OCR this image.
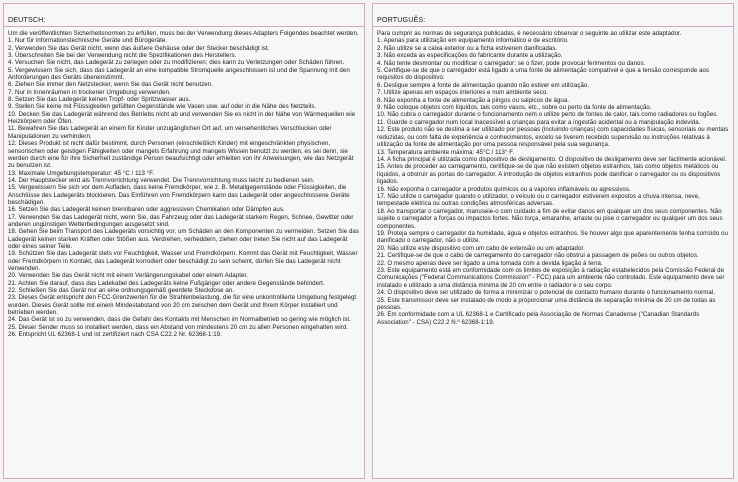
DEUTSCH:
Um die veröffentlichten Sicherheitsnormen zu erfüllen, muss bei der Verwendung dieses Adapters Folgendes beachtet werden.
1. Nur für informationstechnische Geräte und Bürogeräte.
2. Verwenden Sie das Gerät nicht, wenn das äußere Gehäuse oder der Stecker beschädigt ist.
3. Überschreiten Sie bei der Verwendung nicht die Spezifikationen des Herstellers.
4. Versuchen Sie nicht, das Ladegerät zu zerlegen oder zu modifizieren; dies kann zu Verletzungen oder Schäden führen.
5. Vergewissern Sie sich, dass das Ladegerät an eine kompatible Stromquelle angeschlossen ist und die Spannung mit den Anforderungen des Geräts übereinstimmt.
6. Ziehen Sie immer den Netzstecker, wenn Sie das Gerät nicht benutzen.
7. Nur in Innenräumen in trockener Umgebung verwenden.
8. Setzen Sie das Ladegerät keinen Tropf- oder Spritzwasser aus.
9. Stellen Sie keine mit Flüssigkeiten gefüllten Gegenstände wie Vasen usw. auf oder in die Nähe des Netzteils.
10. Decken Sie das Ladegerät während des Betriebs nicht ab und verwenden Sie es nicht in der Nähe von Wärmequellen wie Heizkörpern oder Öfen.
11. Bewahren Sie das Ladegerät an einem für Kinder unzugänglichen Ort auf, um versehentliches Verschlucken oder Manipulationen zu verhindern.
12. Dieses Produkt ist nicht dafür bestimmt, durch Personen (einschließlich Kinder) mit eingeschränkten physischen, sensorischen oder geistigen Fähigkeiten oder mangels Erfahrung und mangels Wissen benutzt zu werden, es sei denn, sie werden durch eine für ihre Sicherheit zuständige Person beaufsichtigt oder erhielten von ihr Anweisungen, wie das Netzgerät zu benutzen ist.
13. Maximale Umgebungstemperatur: 45 °C / 113 °F.
14. Der Hauptstecker wird als Trennvorrichtung verwendet. Die Trennvorrichtung muss leicht zu bedienen sein.
15. Vergewissern Sie sich vor dem Aufladen, dass keine Fremdkörper, wie z. B. Metallgegenstände oder Flüssigkeiten, die Anschlüsse des Ladegeräts blockieren. Das Einführen von Fremdkörpern kann das Ladegerät oder angeschlossene Geräte beschädigen.
16. Setzen Sie das Ladegerät keinen brennbaren oder aggressiven Chemikalien oder Dämpfen aus.
17. Verwenden Sie das Ladegerät nicht, wenn Sie, das Fahrzeug oder das Ladegerät starkem Regen, Schnee, Gewitter oder anderen ungünstigen Wetterbedingungen ausgesetzt sind.
18. Gehen Sie beim Transport des Ladegeräts vorsichtig vor, um Schäden an den Komponenten zu vermeiden. Setzen Sie das Ladegerät keinen starken Kräften oder Stößen aus. Verdrehen, verheddern, ziehen oder treten Sie nicht auf das Ladegerät oder eines seiner Teile.
19. Schützen Sie das Ladegerät stets vor Feuchtigkeit, Wasser und Fremdkörpern. Kommt das Gerät mit Feuchtigkeit, Wasser oder Fremdkörpern in Kontakt, das Ladegerät korrodiert oder beschädigt zu sein scheint, dürfen Sie das Ladegerät nicht verwenden.
20. Verwenden Sie das Gerät nicht mit einem Verlängerungskabel oder einem Adapter.
21. Achten Sie darauf, dass das Ladekabel des Ladegeräts keine Fußgänger oder andere Gegenstände behindert.
22. Schließen Sie das Gerät nur an eine ordnungsgemäß geerdete Steckdose an.
23. Dieses Gerät entspricht den FCC-Grenzwerten für die Strahlenbelastung, die für eine unkontrollierte Umgebung festgelegt wurden. Dieses Gerät sollte mit einem Mindestabstand von 20 cm zwischen dem Gerät und Ihrem Körper installiert und betrieben werden.
24. Das Gerät ist so zu verwenden, dass die Gefahr des Kontakts mit Menschen im Normalbetrieb so gering wie möglich ist.
25. Dieser Sender muss so installiert werden, dass ein Abstand von mindestens 20 cm zu allen Personen eingehalten wird.
26. Entspricht UL 62368-1 und ist zertifiziert nach CSA C22.2 Nr. 62368-1:19.
PORTUGUÊS:
Para cumprir as normas de segurança publicadas, é necessário observar o seguinte ao utilizar este adaptador.
1. Apenas para utilização em equipamento informático e de escritório.
2. Não utilize se a caixa exterior ou a ficha estiverem danificadas.
3. Não exceda as especificações do fabricante durante a utilização.
4. Não tente desmontar ou modificar o carregador; se o fizer, pode provocar ferimentos ou danos.
5. Certifique-se de que o carregador está ligado a uma fonte de alimentação compatível e que a tensão corresponde aos requisitos do dispositivo.
6. Desligue sempre a fonte de alimentação quando não estiver em utilização.
7. Utilize apenas em espaços interiores e num ambiente seco.
8. Não exponha a fonte de alimentação a pingos ou salpicos de água.
9. Não coloque objetos com líquidos, tais como vasos, etc., sobre ou perto da fonte de alimentação.
10. Não cubra o carregador durante o funcionamento nem o utilize perto de fontes de calor, tais como radiadores ou fogões.
11. Guarde o carregador num local inacessível a crianças para evitar a ingestão acidental ou a manipulação indevida.
12. Este produto não se destina a ser utilizado por pessoas (incluindo crianças) com capacidades físicas, sensoriais ou mentais reduzidas, ou com falta de experiência e conhecimentos, exceto se tiverem recebido supervisão ou instruções relativas à utilização da fonte de alimentação por uma pessoa responsável pela sua segurança.
13. Temperatura ambiente máxima: 45°C / 113° F.
14. A ficha principal é utilizada como dispositivo de desligamento. O dispositivo de desligamento deve ser facilmente acionável.
15. Antes de proceder ao carregamento, certifique-se de que não existem objetos estranhos, tais como objetos metálicos ou líquidos, a obstruir as portas do carregador. A introdução de objetos estranhos pode danificar o carregador ou os dispositivos ligados.
16. Não exponha o carregador a produtos químicos ou a vapores inflamáveis ou agressivos.
17. Não utilize o carregador quando o utilizador, o veículo ou o carregador estiverem expostos a chuva intensa, neve, tempestade elétrica ou outras condições atmosféricas adversas.
18. Ao transportar o carregador, manuseie-o com cuidado a fim de evitar danos em qualquer um dos seus componentes. Não sujeite o carregador a forças ou impactos fortes. Não torça, emaranhe, arraste ou pise o carregador ou qualquer um dos seus componentes.
19. Proteja sempre o carregador da humidade, água e objetos estranhos. Se houver algo que aparentemente tenha corroído ou danificado o carregador, não o utilize.
20. Não utilize este dispositivo com um cabo de extensão ou um adaptador.
21. Certifique-se de que o cabo de carregamento do carregador não obstrui a passagem de peões ou outros objetos.
22. O mesmo apenas deve ser ligado a uma tomada com a devida ligação à terra.
23. Este equipamento está em conformidade com os limites de exposição à radiação estabelecidos pela Comissão Federal de Comunicações ("Federal Communications Commission" - FCC) para um ambiente não controlado. Este equipamento deve ser instalado e utilizado a uma distância mínima de 20 cm entre o radiador e o seu corpo.
24. O dispositivo deve ser utilizado de forma a minimizar o potencial de contacto humano durante o funcionamento normal.
25. Este transmissor deve ser instalado de modo a proporcionar uma distância de separação mínima de 20 cm de todas as pessoas.
26. Em conformidade com a UL 62368-1 e Certificado pela Associação de Normas Canadense ("Canadian Standards Association" - CSA) C22.2 N.º 62368-1:19.
